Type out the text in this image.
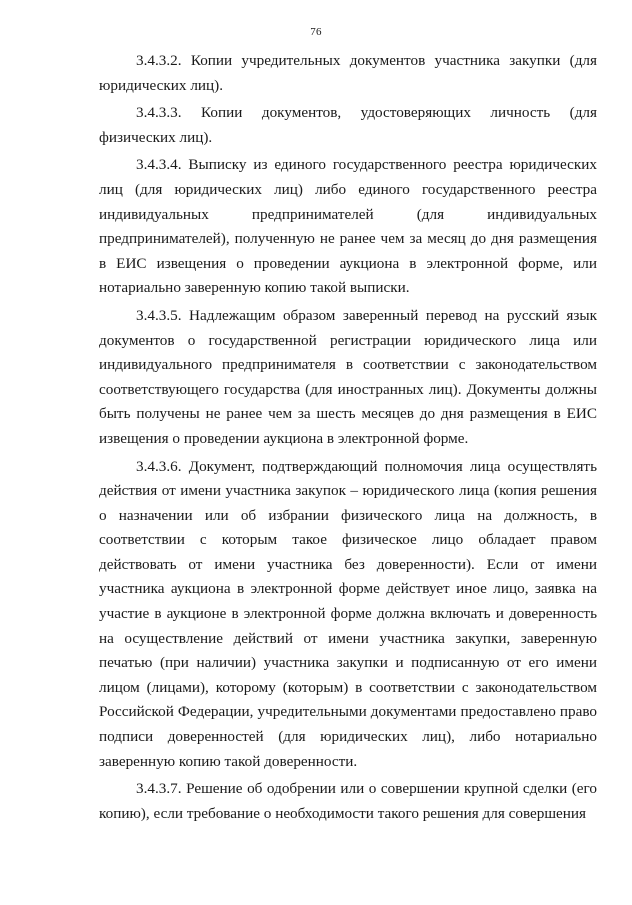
76

3.4.3.2. Копии учредительных документов участника закупки (для юридических лиц).

3.4.3.3. Копии документов, удостоверяющих личность (для физических лиц).

3.4.3.4. Выписку из единого государственного реестра юридических лиц (для юридических лиц) либо единого государственного реестра индивидуальных предпринимателей (для индивидуальных предпринимателей), полученную не ранее чем за месяц до дня размещения в ЕИС извещения о проведении аукциона в электронной форме, или нотариально заверенную копию такой выписки.

3.4.3.5. Надлежащим образом заверенный перевод на русский язык документов о государственной регистрации юридического лица или индивидуального предпринимателя в соответствии с законодательством соответствующего государства (для иностранных лиц). Документы должны быть получены не ранее чем за шесть месяцев до дня размещения в ЕИС извещения о проведении аукциона в электронной форме.

3.4.3.6. Документ, подтверждающий полномочия лица осуществлять действия от имени участника закупок – юридического лица (копия решения о назначении или об избрании физического лица на должность, в соответствии с которым такое физическое лицо обладает правом действовать от имени участника без доверенности). Если от имени участника аукциона в электронной форме действует иное лицо, заявка на участие в аукционе в электронной форме должна включать и доверенность на осуществление действий от имени участника закупки, заверенную печатью (при наличии) участника закупки и подписанную от его имени лицом (лицами), которому (которым) в соответствии с законодательством Российской Федерации, учредительными документами предоставлено право подписи доверенностей (для юридических лиц), либо нотариально заверенную копию такой доверенности.

3.4.3.7. Решение об одобрении или о совершении крупной сделки (его копию), если требование о необходимости такого решения для совершения
